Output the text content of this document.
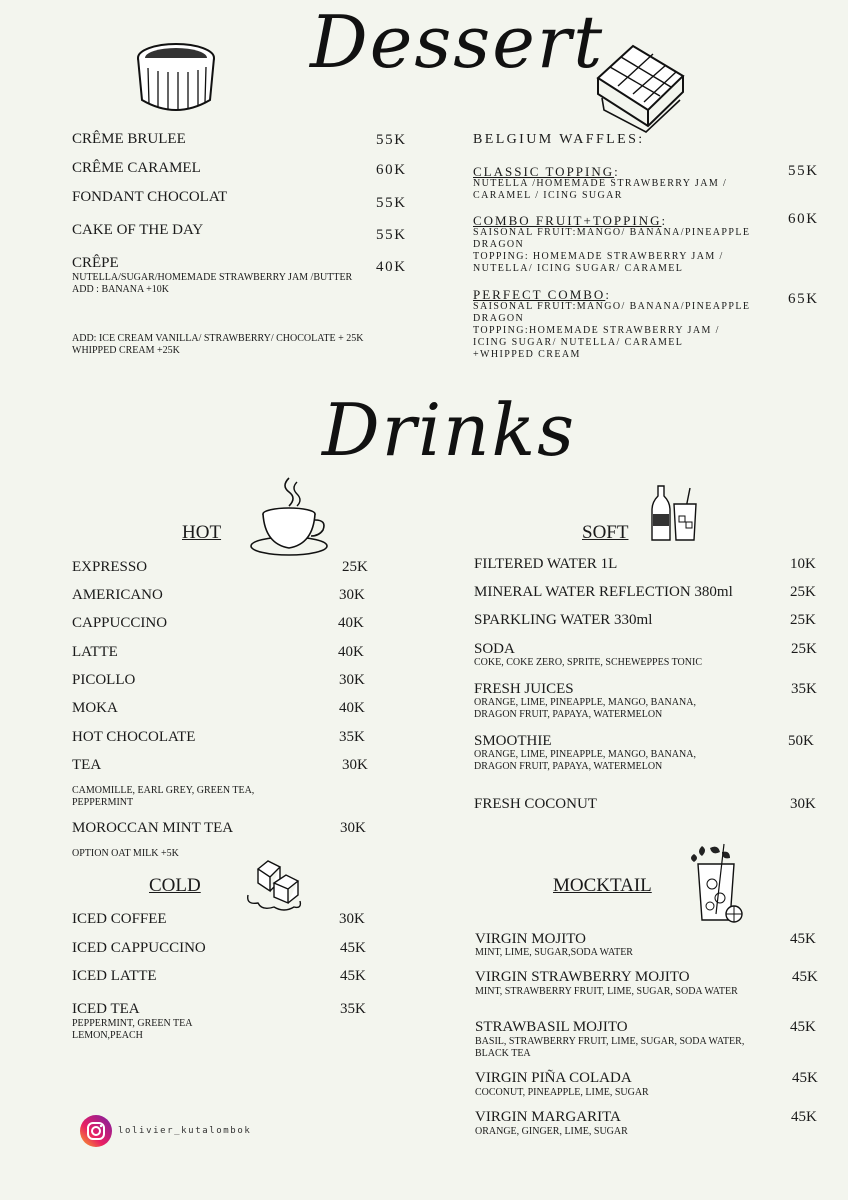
Dessert
CRÊME BRULEE	55K
CRÊME CARAMEL	60K
FONDANT CHOCOLAT	55K
CAKE OF THE DAY	55K
CRÊPE	40K
NUTELLA/SUGAR/HOMEMADE STRAWBERRY JAM /BUTTER
ADD : BANANA +10K
ADD: ICE CREAM VANILLA/ STRAWBERRY/ CHOCOLATE + 25K
WHIPPED CREAM +25K
BELGIUM WAFFLES:
CLASSIC TOPPING:	55K
NUTELLA /HOMEMADE STRAWBERRY JAM /
CARAMEL / ICING SUGAR
COMBO FRUIT+TOPPING:	60K
SAISONAL FRUIT:MANGO/ BANANA/PINEAPPLE
DRAGON
TOPPING: HOMEMADE STRAWBERRY JAM /
NUTELLA/ ICING SUGAR/ CARAMEL
PERFECT COMBO:	65K
SAISONAL FRUIT:MANGO/ BANANA/PINEAPPLE
DRAGON
TOPPING:HOMEMADE STRAWBERRY JAM /
ICING SUGAR/ NUTELLA/ CARAMEL
+WHIPPED CREAM
Drinks
HOT
EXPRESSO	25K
AMERICANO	30K
CAPPUCCINO	40K
LATTE	40K
PICOLLO	30K
MOKA	40K
HOT CHOCOLATE	35K
TEA	30K
CAMOMILLE, EARL GREY, GREEN TEA,
PEPPERMINT
MOROCCAN MINT TEA	30K
OPTION OAT MILK +5K
COLD
ICED COFFEE	30K
ICED CAPPUCCINO	45K
ICED LATTE	45K
ICED TEA	35K
PEPPERMINT, GREEN TEA
LEMON,PEACH
SOFT
FILTERED WATER 1L	10K
MINERAL WATER REFLECTION 380ml	25K
SPARKLING WATER 330ml	25K
SODA	25K
COKE, COKE ZERO, SPRITE, SCHEWEPPES TONIC
FRESH JUICES	35K
ORANGE, LIME, PINEAPPLE, MANGO, BANANA,
DRAGON FRUIT, PAPAYA, WATERMELON
SMOOTHIE	50K
ORANGE, LIME, PINEAPPLE, MANGO, BANANA,
DRAGON FRUIT, PAPAYA, WATERMELON
FRESH COCONUT	30K
MOCKTAIL
VIRGIN MOJITO	45K
MINT, LIME, SUGAR,SODA WATER
VIRGIN STRAWBERRY MOJITO	45K
MINT, STRAWBERRY FRUIT, LIME, SUGAR, SODA WATER
STRAWBASIL MOJITO	45K
BASIL, STRAWBERRY FRUIT, LIME, SUGAR, SODA WATER,
BLACK TEA
VIRGIN PIÑA COLADA	45K
COCONUT, PINEAPPLE, LIME, SUGAR
VIRGIN MARGARITA	45K
ORANGE, GINGER, LIME, SUGAR
lolivier_kutalombok
